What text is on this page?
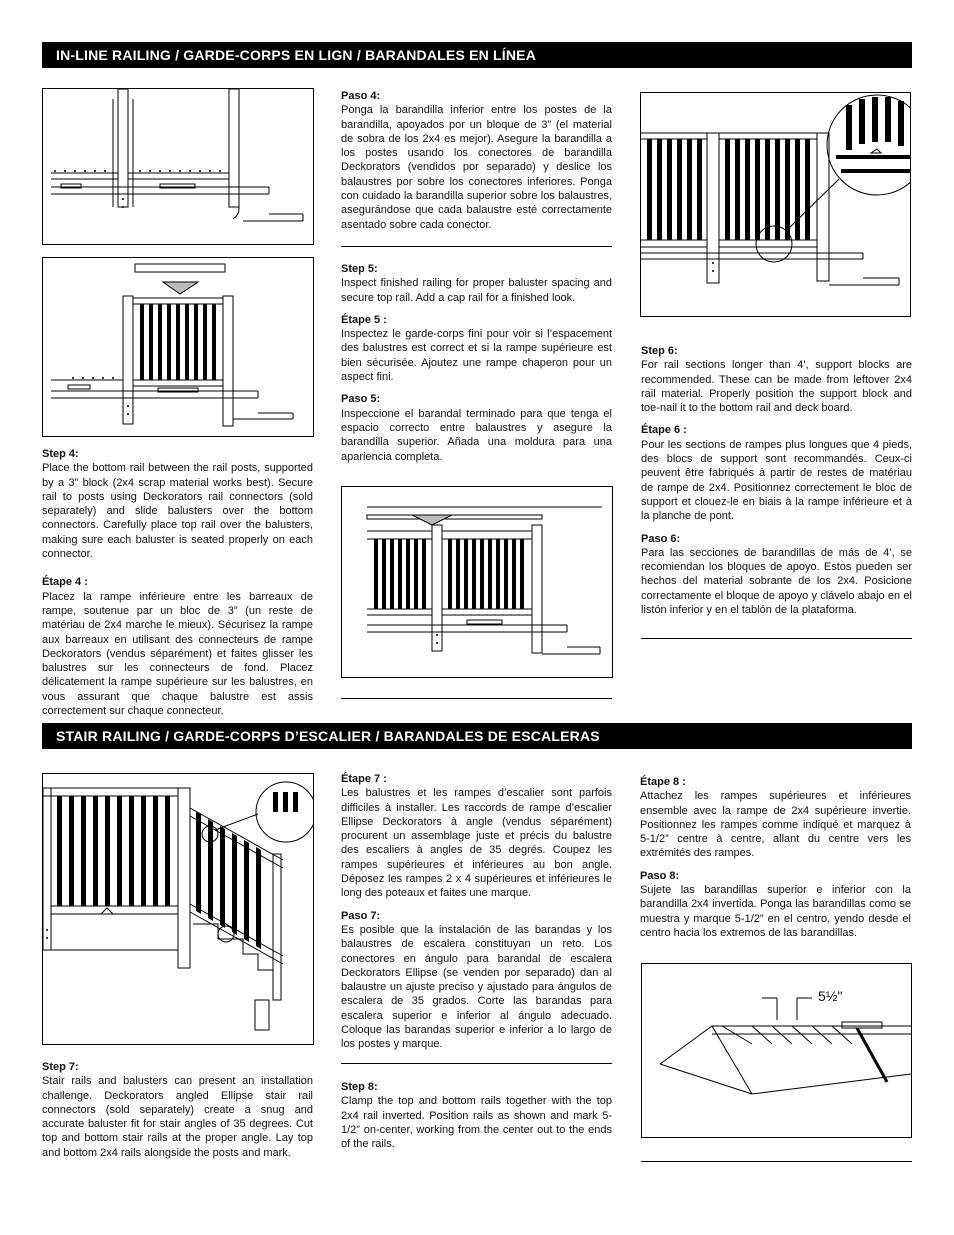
IN-LINE RAILING / GARDE-CORPS EN LIGN / BARANDALES EN LÍNEA
Step 4:

Place the bottom rail between the rail posts, supported by a 3” block (2x4 scrap material works best). Secure rail to posts using Deckorators rail connectors (sold separately) and slide balusters over the bottom connectors. Carefully place top rail over the balusters, making sure each baluster is seated properly on each connector.

Étape 4 :

Placez la rampe inférieure entre les barreaux de rampe, soutenue par un bloc de 3” (un reste de matériau de 2x4 marche le mieux). Sécurisez la rampe aux barreaux en utilisant des connecteurs de rampe Deckorators (vendus séparément) et faites glisser les balustres sur les connecteurs de fond. Placez délicatement la rampe supérieure sur les balustres, en vous assurant que chaque balustre est assis correctement sur chaque connecteur.

Paso 4:

Ponga la barandilla inferior entre los postes de la barandilla, apoyados por un bloque de 3” (el material de sobra de los 2x4 es mejor). Asegure la barandilla a los postes usando los conectores de barandilla Deckorators (vendidos por separado) y deslice los balaustres por sobre los conectores inferiores. Ponga con cuidado la barandilla superior sobre los balaustres, asegurándose que cada balaustre esté correctamente asentado sobre cada conector.

Step 5:

Inspect finished railing for proper baluster spacing and secure top rail. Add a cap rail for a finished look.

Étape 5 :

Inspectez le garde-corps fini pour voir si l’espacement des balustres est correct et si la rampe supérieure est bien sécurisée. Ajoutez une rampe chaperon pour un aspect fini.

Paso 5:

Inspeccione el barandal terminado para que tenga el espacio correcto entre balaustres y asegure la barandilla superior. Añada una moldura para una apariencia completa.

Step 6:

For rail sections longer than 4’, support blocks are recommended. These can be made from leftover 2x4 rail material. Properly position the support block and toe-nail it to the bottom rail and deck board.

Étape 6 :

Pour les sections de rampes plus longues que 4 pieds, des blocs de support sont recommandés. Ceux-ci peuvent être fabriqués à partir de restes de matériau de rampe de 2x4. Positionnez correctement le bloc de support et clouez-le en biais à la rampe inférieure et à la planche de pont.

Paso 6:

Para las secciones de barandillas de más de 4’, se recomiendan los bloques de apoyo. Estos pueden ser hechos del material sobrante de los 2x4. Posicione correctamente el bloque de apoyo y clávelo abajo en el listón inferior y en el tablón de la plataforma.

STAIR RAILING / GARDE-CORPS D’ESCALIER / BARANDALES DE ESCALERAS
Step 7:

Stair rails and balusters can present an installation challenge. Deckorators angled Ellipse stair rail connectors (sold separately) create a snug and accurate baluster fit for stair angles of 35 degrees. Cut top and bottom stair rails at the proper angle. Lay top and bottom 2x4 rails alongside the posts and mark.

Étape 7 :

Les balustres et les rampes d’escalier sont parfois difficiles à installer. Les raccords de rampe d’escalier Ellipse Deckorators à angle (vendus séparément) procurent un assemblage juste et précis du balustre des escaliers à angles de 35 degrés. Coupez les rampes supérieures et inférieures au bon angle. Déposez les rampes 2 x 4 supérieures et inférieures le long des poteaux et faites une marque.

Paso 7:

Es posible que la instalación de las barandas y los balaustres de escalera constituyan un reto. Los conectores en ángulo para barandal de escalera Deckorators Ellipse (se venden por separado) dan al balaustre un ajuste preciso y ajustado para ángulos de escalera de 35 grados. Corte las barandas para escalera superior e inferior al ángulo adecuado. Coloque las barandas superior e inferior a lo largo de los postes y marque.

Step 8:

Clamp the top and bottom rails together with the top 2x4 rail inverted. Position rails as shown and mark 5-1/2” on-center, working from the center out to the ends of the rails.

Étape 8 :

Attachez les rampes supérieures et inférieures ensemble avec la rampe de 2x4 supérieure invertie. Positionnez les rampes comme indiqué et marquez à 5-1/2” centre à centre, allant du centre vers les extrémités des rampes.

Paso 8:

Sujete las barandillas superior e inferior con la barandilla 2x4 invertida. Ponga las barandillas como se muestra y marque 5-1/2” en el centro, yendo desde el centro hacia los extremos de las barandillas.

5½"
